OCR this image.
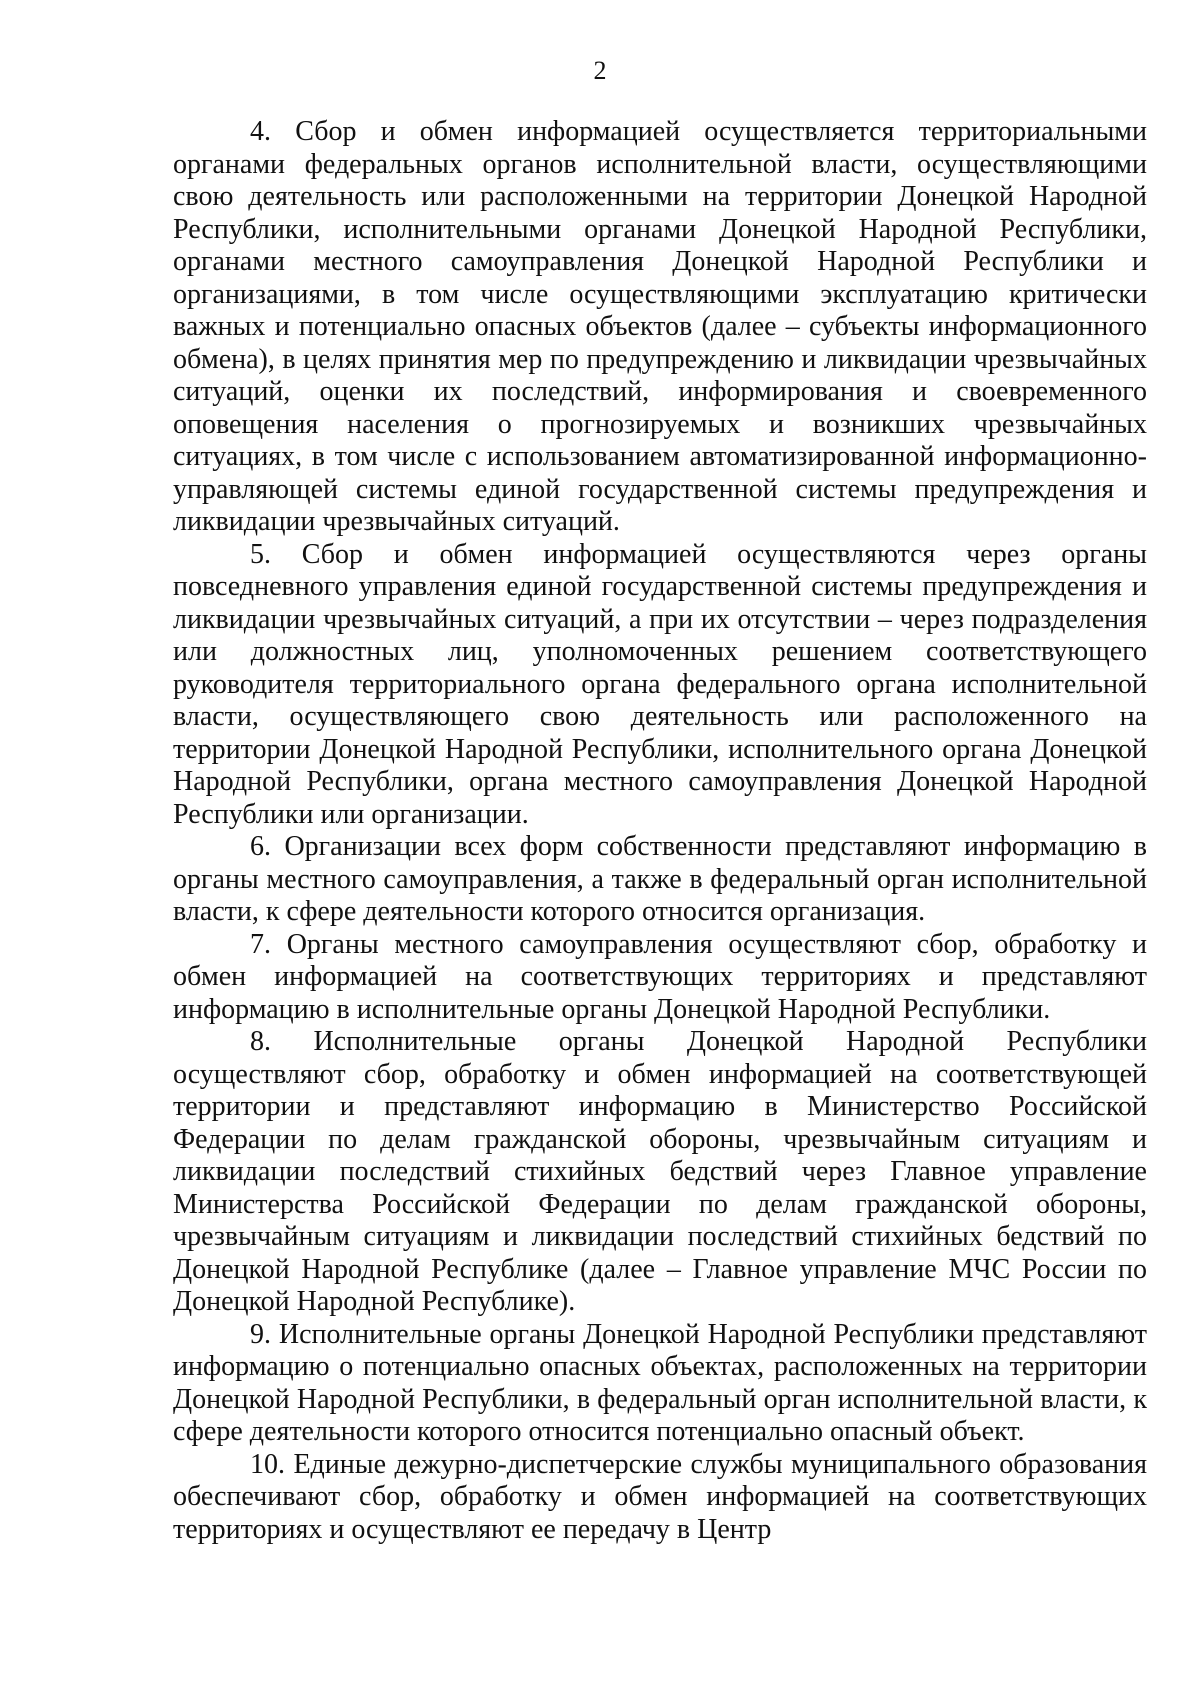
2

4. Сбор и обмен информацией осуществляется территориальными органами федеральных органов исполнительной власти, осуществляющими свою деятельность или расположенными на территории Донецкой Народной Республики, исполнительными органами Донецкой Народной Республики, органами местного самоуправления Донецкой Народной Республики и организациями, в том числе осуществляющими эксплуатацию критически важных и потенциально опасных объектов (далее – субъекты информационного обмена), в целях принятия мер по предупреждению и ликвидации чрезвычайных ситуаций, оценки их последствий, информирования и своевременного оповещения населения о прогнозируемых и возникших чрезвычайных ситуациях, в том числе с использованием автоматизированной информационно-управляющей системы единой государственной системы предупреждения и ликвидации чрезвычайных ситуаций.

5. Сбор и обмен информацией осуществляются через органы повседневного управления единой государственной системы предупреждения и ликвидации чрезвычайных ситуаций, а при их отсутствии – через подразделения или должностных лиц, уполномоченных решением соответствующего руководителя территориального органа федерального органа исполнительной власти, осуществляющего свою деятельность или расположенного на территории Донецкой Народной Республики, исполнительного органа Донецкой Народной Республики, органа местного самоуправления Донецкой Народной Республики или организации.

6. Организации всех форм собственности представляют информацию в органы местного самоуправления, а также в федеральный орган исполнительной власти, к сфере деятельности которого относится организация.

7. Органы местного самоуправления осуществляют сбор, обработку и обмен информацией на соответствующих территориях и представляют информацию в исполнительные органы Донецкой Народной Республики.

8. Исполнительные органы Донецкой Народной Республики осуществляют сбор, обработку и обмен информацией на соответствующей территории и представляют информацию в Министерство Российской Федерации по делам гражданской обороны, чрезвычайным ситуациям и ликвидации последствий стихийных бедствий через Главное управление Министерства Российской Федерации по делам гражданской обороны, чрезвычайным ситуациям и ликвидации последствий стихийных бедствий по Донецкой Народной Республике (далее – Главное управление МЧС России по Донецкой Народной Республике).

9. Исполнительные органы Донецкой Народной Республики представляют информацию о потенциально опасных объектах, расположенных на территории Донецкой Народной Республики, в федеральный орган исполнительной власти, к сфере деятельности которого относится потенциально опасный объект.

10. Единые дежурно-диспетчерские службы муниципального образования обеспечивают сбор, обработку и обмен информацией на соответствующих территориях и осуществляют ее передачу в Центр
